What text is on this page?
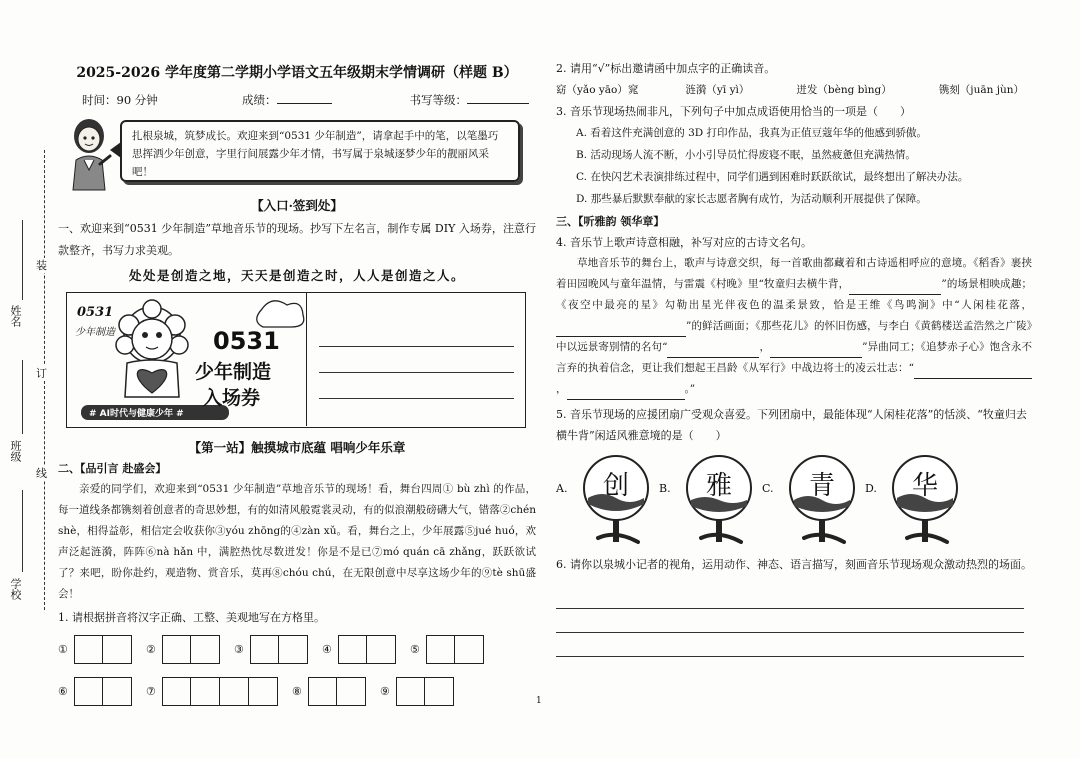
装
订
线
姓名
班级
学校
2025-2026 学年度第二学期小学语文五年级期末学情调研（样题 B）
时间：90 分钟	成绩：	书写等级：
扎根泉城，筑梦成长。欢迎来到“0531 少年制造”，请拿起手中的笔，以笔墨巧思挥洒少年创意，字里行间展露少年才情，书写属于泉城逐梦少年的靓丽风采吧！
【入口·签到处】
一、欢迎来到“0531 少年制造”草地音乐节的现场。抄写下左名言，制作专属 DIY 入场券，注意行款整齐，书写力求美观。
处处是创造之地，天天是创造之时，人人是创造之人。
0531
少年制造	0531
少年制造
入场券
# AI时代与健康少年 #
【第一站】触摸城市底蕴 唱响少年乐章
二、【品引言 赴盛会】
亲爱的同学们，欢迎来到“0531 少年制造”草地音乐节的现场！看，舞台四周① bù zhì 的作品，每一道线条都镌刻着创意者的奇思妙想，有的如清风般霓裳灵动，有的似浪潮般磅礴大气，错落②chén shè，相得益彰，相信定会收获你③yóu zhōng的④zàn xǔ。看，舞台之上，少年展露⑤jué huó，欢声泛起涟漪，阵阵⑥nà hǎn 中，满腔热忱尽数迸发！你是不是已⑦mó quán cā zhǎng，跃跃欲试了？来吧，盼你赴约，观造物、赏音乐，莫再⑧chóu chú，在无限创意中尽享这场少年的⑨tè shū盛会！
1. 请根据拼音将汉字正确、工整、美观地写在方格里。
①	②	③	④	⑤
⑥	⑦	⑧	⑨
2. 请用“√”标出邀请函中加点字的正确读音。
窈（yǎo yāo）窕	涟漪（yī yì）	迸发（bèng bìng）	镌刻（juān jùn）
3. 音乐节现场热闹非凡，下列句子中加点成语使用恰当的一项是（　　）
A. 看着这件充满创意的 3D 打印作品，我真为正值豆蔻年华的他感到骄傲。
B. 活动现场人流不断，小小引导员忙得废寝不眠，虽然疲惫但充满热情。
C. 在快闪艺术表演排练过程中，同学们遇到困难时跃跃欲试，最终想出了解决办法。
D. 那些暴后默默奉献的家长志愿者胸有成竹，为活动顺利开展提供了保障。
三、【听雅韵 领华章】
4. 音乐节上歌声诗意相融，补写对应的古诗文名句。
草地音乐节的舞台上，歌声与诗意交织，每一首歌曲都藏着和古诗遥相呼应的意境。《稻香》裹挟着田园晚风与童年温情，与雷震《村晚》里“牧童归去横牛背，	”的场景相映成趣；《夜空中最亮的星》勾勒出星光伴夜色的温柔景致，恰是王维《鸟鸣涧》中“人闲桂花落，”的鲜活画面；《那些花儿》的怀旧伤感，与李白《黄鹤楼送孟浩然之广陵》中以远景寄别情的名句“	，	”异曲同工；《追梦赤子心》饱含永不言弃的执着信念，更让我们想起王昌龄《从军行》中战边将士的凌云壮志：“，	。”
5. 音乐节现场的应援团扇广受观众喜爱。下列团扇中，最能体现“人闲桂花落”的恬淡、“牧童归去横牛背”闲适风雅意境的是（　　）
A.	创	B.	雅	C.	青	D.	华
6. 请你以泉城小记者的视角，运用动作、神态、语言描写，刻画音乐节现场观众激动热烈的场面。
1
